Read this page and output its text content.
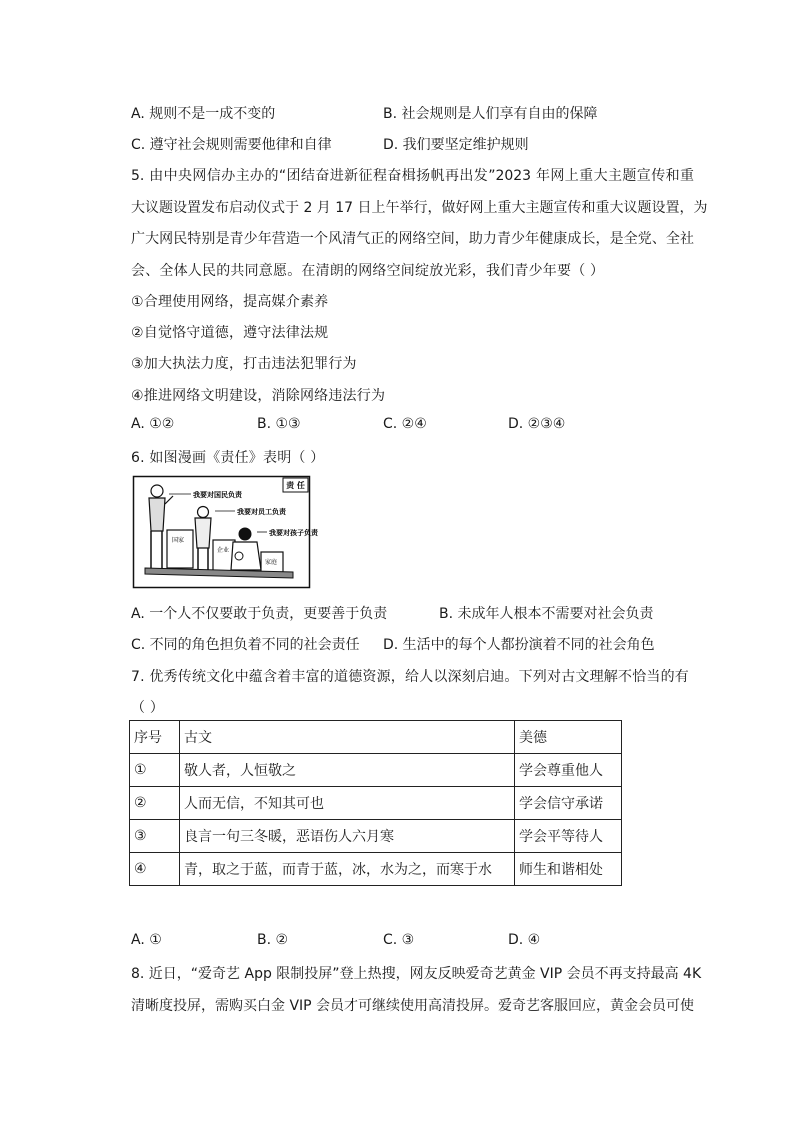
A. 规则不是一成不变的	B. 社会规则是人们享有自由的保障
C. 遵守社会规则需要他律和自律	D. 我们要坚定维护规则
5. 由中央网信办主办的“团结奋进新征程奋楫扬帆再出发”2023 年网上重大主题宣传和重
大议题设置发布启动仪式于 2 月 17 日上午举行，做好网上重大主题宣传和重大议题设置，为
广大网民特别是青少年营造一个风清气正的网络空间，助力青少年健康成长，是全党、全社
会、全体人民的共同意愿。在清朗的网络空间绽放光彩，我们青少年要（ ）
①合理使用网络，提高媒介素养
②自觉恪守道德，遵守法律法规
③加大执法力度，打击违法犯罪行为
④推进网络文明建设，消除网络违法行为
A. ①②	B. ①③	C. ②④	D. ②③④
6. 如图漫画《责任》表明（ ）
责 任
我要对国民负责
国家
我要对员工负责
企业
我要对孩子负责
家庭
A. 一个人不仅要敢于负责，更要善于负责	B. 未成年人根本不需要对社会负责
C. 不同的角色担负着不同的社会责任 D. 生活中的每个人都扮演着不同的社会角色
7. 优秀传统文化中蕴含着丰富的道德资源，给人以深刻启迪。下列对古文理解不恰当的有
（ ）
序号	古文	美德
①	敬人者，人恒敬之	学会尊重他人
②	人而无信，不知其可也	学会信守承诺
③	良言一句三冬暖，恶语伤人六月寒	学会平等待人
④	青，取之于蓝，而青于蓝，冰，水为之，而寒于水	师生和谐相处
A. ①	B. ②	C. ③	D. ④
8. 近日，“爱奇艺 App 限制投屏”登上热搜，网友反映爱奇艺黄金 VIP 会员不再支持最高 4K
清晰度投屏，需购买白金 VIP 会员才可继续使用高清投屏。爱奇艺客服回应，黄金会员可使
